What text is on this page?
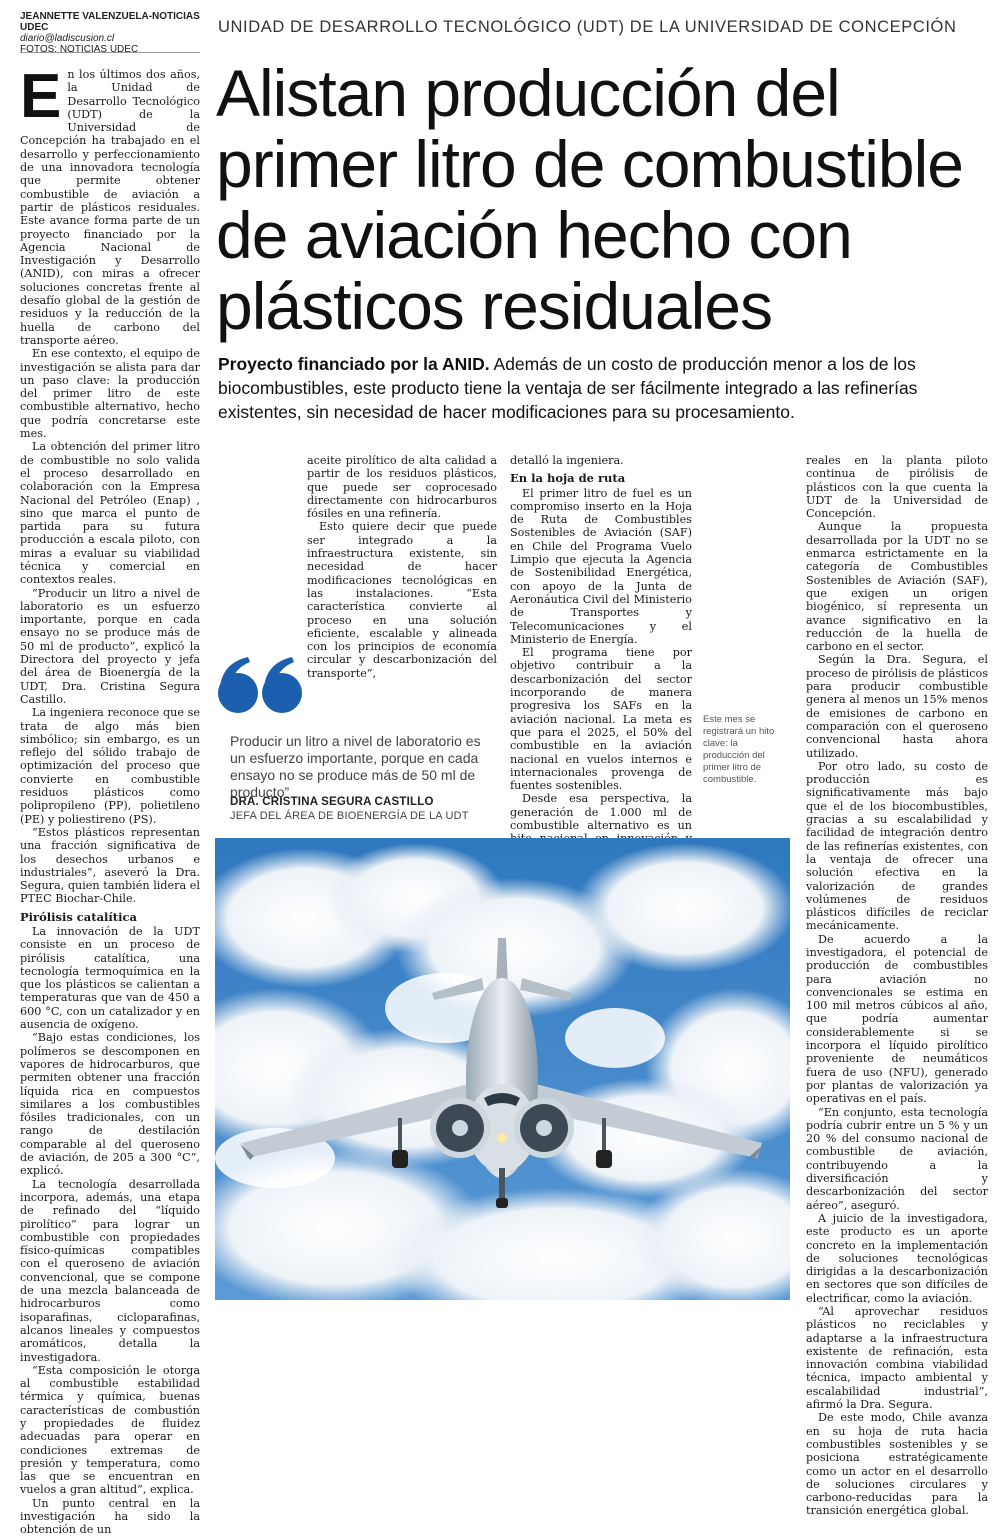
JEANNETTE VALENZUELA-NOTICIAS UDEC
diario@ladiscusion.cl
FOTOS: NOTICIAS UDEC
UNIDAD DE DESARROLLO TECNOLÓGICO (UDT) DE LA UNIVERSIDAD DE CONCEPCIÓN
Alistan producción del
primer litro de combustible
de aviación hecho con
plásticos residuales
Proyecto financiado por la ANID. Además de un costo de producción menor a los de los biocombustibles, este producto tiene la ventaja de ser fácilmente integrado a las refinerías existentes, sin necesidad de hacer modificaciones para su procesamiento.

En los últimos dos años, la Unidad de Desarrollo Tecnológico (UDT) de la Universidad de Concepción ha trabajado en el desarrollo y perfeccionamiento de una innovadora tecnología que permite obtener combustible de aviación a partir de plásticos residuales. Este avance forma parte de un proyecto financiado por la Agencia Nacional de Investigación y Desarrollo (ANID), con miras a ofrecer soluciones concretas frente al desafío global de la gestión de residuos y la reducción de la huella de carbono del transporte aéreo.

En ese contexto, el equipo de investigación se alista para dar un paso clave: la producción del primer litro de este combustible alternativo, hecho que podría concretarse este mes.

La obtención del primer litro de combustible no solo valida el proceso desarrollado en colaboración con la Empresa Nacional del Petróleo (Enap) , sino que marca el punto de partida para su futura producción a escala piloto, con miras a evaluar su viabilidad técnica y comercial en contextos reales.

“Producir un litro a nivel de laboratorio es un esfuerzo importante, porque en cada ensayo no se produce más de 50 ml de producto”, explicó la Directora del proyecto y jefa del área de Bioenergía de la UDT, Dra. Cristina Segura Castillo.

La ingeniera reconoce que se trata de algo más bien simbólico; sin embargo, es un reflejo del sólido trabajo de optimización del proceso que convierte en combustible residuos plásticos como polipropileno (PP), polietileno (PE) y poliestireno (PS).

“Estos plásticos representan una fracción significativa de los desechos urbanos e industriales”, aseveró la Dra. Segura, quien también lidera el PTEC Biochar-Chile.

Pirólisis catalítica

La innovación de la UDT consiste en un proceso de pirólisis catalítica, una tecnología termoquímica en la que los plásticos se calientan a temperaturas que van de 450 a 600 °C, con un catalizador y en ausencia de oxígeno.

“Bajo estas condiciones, los polímeros se descomponen en vapores de hidrocarburos, que permiten obtener una fracción líquida rica en compuestos similares a los combustibles fósiles tradicionales, con un rango de destilación comparable al del queroseno de aviación, de 205 a 300 °C”, explicó.

La tecnología desarrollada incorpora, además, una etapa de refinado del “líquido pirolítico” para lograr un combustible con propiedades físico-químicas compatibles con el queroseno de aviación convencional, que se compone de una mezcla balanceada de hidrocarburos como isoparafinas, cicloparafinas, alcanos lineales y compuestos aromáticos, detalla la investigadora.

“Esta composición le otorga al combustible estabilidad térmica y química, buenas características de combustión y propiedades de fluidez adecuadas para operar en condiciones extremas de presión y temperatura, como las que se encuentran en vuelos a gran altitud”, explica.

Un punto central en la investigación ha sido la obtención de un

aceite pirolítico de alta calidad a partir de los residuos plásticos, que puede ser coprocesado directamente con hidrocarburos fósiles en una refinería.

Esto quiere decir que puede ser integrado a la infraestructura existente, sin necesidad de hacer modificaciones tecnológicas en las instalaciones. “Esta característica convierte al proceso en una solución eficiente, escalable y alineada con los principios de economía circular y descarbonización del transporte”,

detalló la ingeniera.

En la hoja de ruta

El primer litro de fuel es un compromiso inserto en la Hoja de Ruta de Combustibles Sostenibles de Aviación (SAF) en Chile del Programa Vuelo Limpio que ejecuta la Agencia de Sostenibilidad Energética, con apoyo de la Junta de Aeronáutica Civil del Ministerio de Transportes y Telecomunicaciones y el Ministerio de Energía.

El programa tiene por objetivo contribuir a la descarbonización del sector incorporando de manera progresiva los SAFs en la aviación nacional. La meta es que para el 2025, el 50% del combustible en la aviación nacional en vuelos internos e internacionales provenga de fuentes sostenibles.

Desde esa perspectiva, la generación de 1.000 ml de combustible alternativo es un

reales en la planta piloto continua de pirólisis de plásticos con la que cuenta la UDT de la Universidad de Concepción.

Aunque la propuesta desarrollada por la UDT no se enmarca estrictamente en la categoría de Combustibles Sostenibles de Aviación (SAF), que exigen un origen biogénico, sí representa un avance significativo en la reducción de la huella de carbono en el sector.

Según la Dra. Segura, el proceso de pirólisis de plásticos para producir combustible genera al menos un 15% menos de emisiones de carbono en comparación con el queroseno convencional hasta ahora utilizado.

Por otro lado, su costo de producción es significativamente más bajo que el de los biocombustibles, gracias a su escalabilidad y facilidad de integración dentro de las refinerías existentes, con la ventaja de ofrecer una solución efectiva en la valorización de grandes volúmenes de residuos plásticos difíciles de reciclar mecánicamente.

De acuerdo a la investigadora, el potencial de producción de combustibles para aviación no convencionales se estima en 100 mil metros cúbicos al año, que podría aumentar considerablemente si se incorpora el líquido pirolítico proveniente de neumáticos fuera de uso (NFU), generado por plantas de valorización ya operativas en el país.

“En conjunto, esta tecnología podría cubrir entre un 5 % y un 20 % del consumo nacional de combustible de aviación, contribuyendo a la diversificación y descarbonización del sector aéreo”, aseguró.

A juicio de la investigadora, este producto es un aporte concreto en la implementación de soluciones tecnológicas dirigidas a la descarbonización en sectores que son difíciles de electrificar, como la aviación.

“Al aprovechar residuos plásticos no reciclables y adaptarse a la infraestructura existente de refinación, esta innovación combina viabilidad técnica, impacto ambiental y escalabilidad industrial”, afirmó la Dra. Segura.

De este modo, Chile avanza en su hoja de ruta hacia combustibles sostenibles y se posiciona estratégicamente como un actor en el desarrollo de soluciones circulares y carbono-reducidas para la transición energética global.

Producir un litro a nivel de laboratorio es un esfuerzo importante, porque en cada ensayo no se produce más de 50 ml de producto”
DRA. CRISTINA SEGURA CASTILLO
JEFA DEL ÁREA DE BIOENERGÍA DE LA UDT
Este mes se registrará un hito clave: la producción del primer litro de combustible.
